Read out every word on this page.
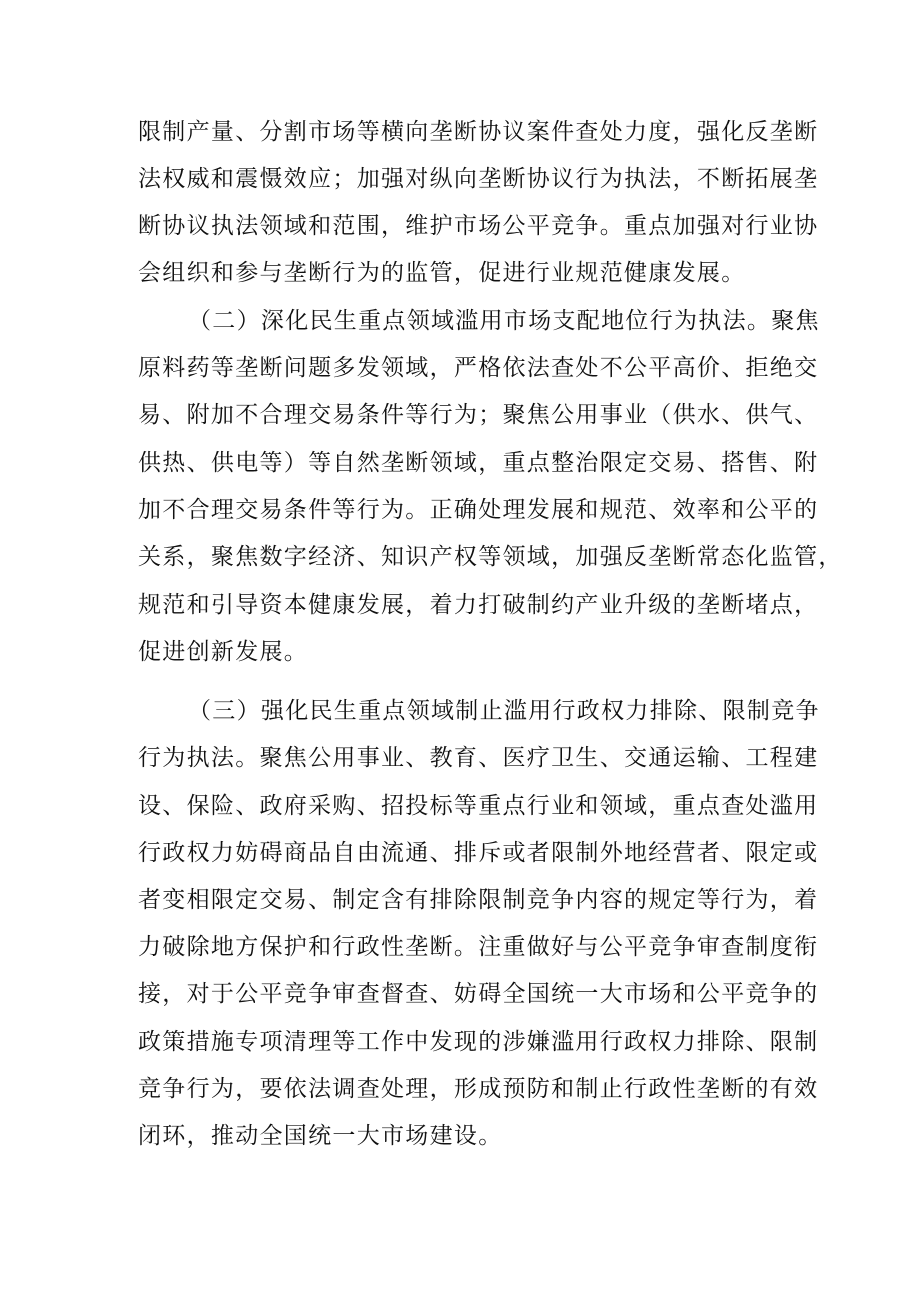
限制产量、分割市场等横向垄断协议案件查处力度，强化反垄断
法权威和震慑效应；加强对纵向垄断协议行为执法，不断拓展垄
断协议执法领域和范围，维护市场公平竞争。重点加强对行业协
会组织和参与垄断行为的监管，促进行业规范健康发展。
（二）深化民生重点领域滥用市场支配地位行为执法。聚焦
原料药等垄断问题多发领域，严格依法查处不公平高价、拒绝交
易、附加不合理交易条件等行为；聚焦公用事业（供水、供气、
供热、供电等）等自然垄断领域，重点整治限定交易、搭售、附
加不合理交易条件等行为。正确处理发展和规范、效率和公平的
关系，聚焦数字经济、知识产权等领域，加强反垄断常态化监管，
规范和引导资本健康发展，着力打破制约产业升级的垄断堵点，
促进创新发展。
（三）强化民生重点领域制止滥用行政权力排除、限制竞争
行为执法。聚焦公用事业、教育、医疗卫生、交通运输、工程建
设、保险、政府采购、招投标等重点行业和领域，重点查处滥用
行政权力妨碍商品自由流通、排斥或者限制外地经营者、限定或
者变相限定交易、制定含有排除限制竞争内容的规定等行为，着
力破除地方保护和行政性垄断。注重做好与公平竞争审查制度衔
接，对于公平竞争审查督查、妨碍全国统一大市场和公平竞争的
政策措施专项清理等工作中发现的涉嫌滥用行政权力排除、限制
竞争行为，要依法调查处理，形成预防和制止行政性垄断的有效
闭环，推动全国统一大市场建设。
